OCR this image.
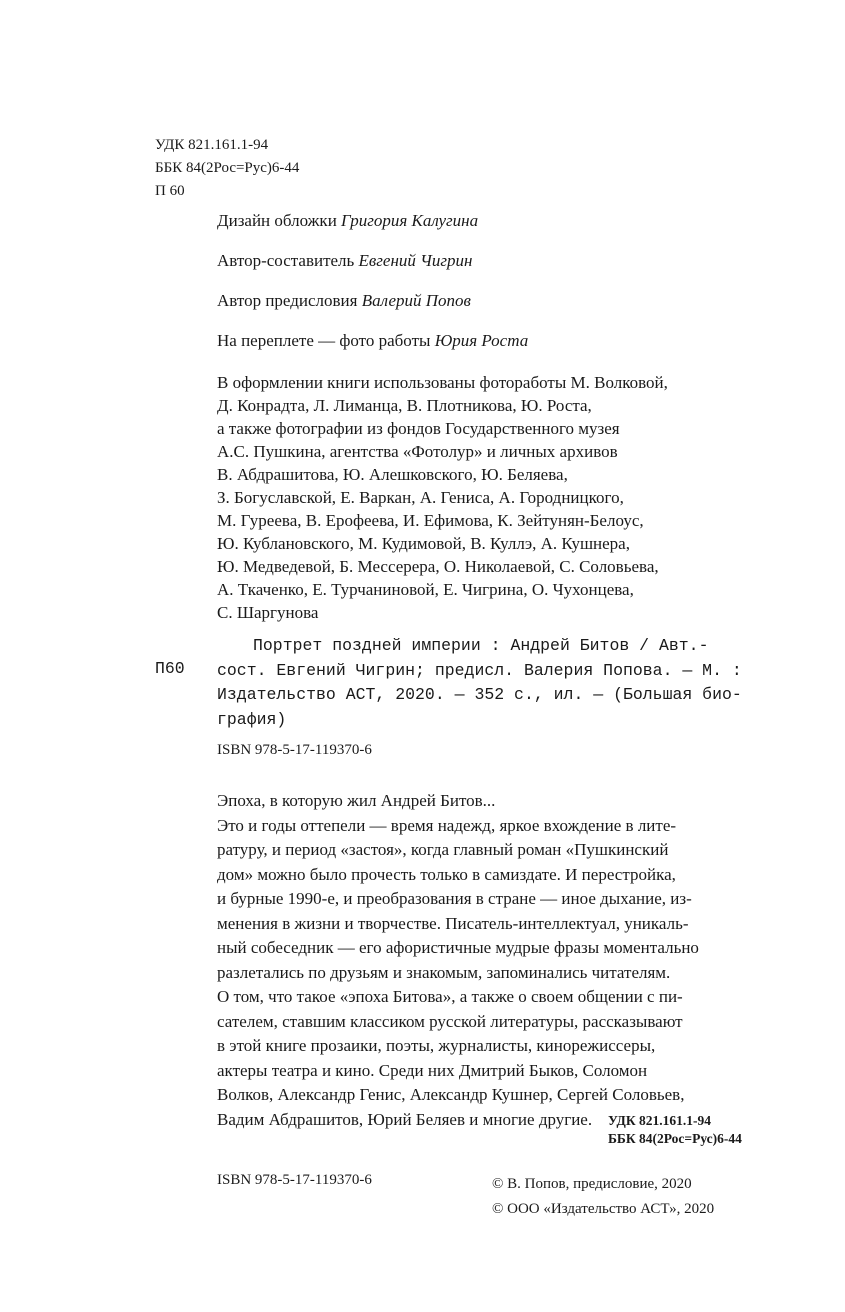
УДК 821.161.1-94
ББК 84(2Рос=Рус)6-44
П 60
Дизайн обложки Григория Калугина
Автор-составитель Евгений Чигрин
Автор предисловия Валерий Попов
На переплете — фото работы Юрия Роста
В оформлении книги использованы фотоработы М. Волковой,
Д. Конрадта, Л. Лиманца, В. Плотникова, Ю. Роста,
а также фотографии из фондов Государственного музея
А.С. Пушкина, агентства «Фотолур» и личных архивов
В. Абдрашитова, Ю. Алешковского, Ю. Беляева,
З. Богуславской, Е. Варкан, А. Гениса, А. Городницкого,
М. Гуреева, В. Ерофеева, И. Ефимова, К. Зейтунян-Белоус,
Ю. Кублановского, М. Кудимовой, В. Куллэ, А. Кушнера,
Ю. Медведевой, Б. Мессерера, О. Николаевой, С. Соловьева,
А. Ткаченко, Е. Турчаниновой, Е. Чигрина, О. Чухонцева,
С. Шаргунова
П60
Портрет поздней империи : Андрей Битов / Авт.-
сост. Евгений Чигрин; предисл. Валерия Попова. — М. :
Издательство АСТ, 2020. — 352 с., ил. — (Большая био-
графия)
ISBN 978-5-17-119370-6
Эпоха, в которую жил Андрей Битов...
Это и годы оттепели — время надежд, яркое вхождение в лите-
ратуру, и период «застоя», когда главный роман «Пушкинский
дом» можно было прочесть только в самиздате. И перестройка,
и бурные 1990-е, и преобразования в стране — иное дыхание, из-
менения в жизни и творчестве. Писатель-интеллектуал, уникаль-
ный собеседник — его афористичные мудрые фразы моментально
разлетались по друзьям и знакомым, запоминались читателям.
О том, что такое «эпоха Битова», а также о своем общении с пи-
сателем, ставшим классиком русской литературы, рассказывают
в этой книге прозаики, поэты, журналисты, кинорежиссеры,
актеры театра и кино. Среди них Дмитрий Быков, Соломон
Волков, Александр Генис, Александр Кушнер, Сергей Соловьев,
Вадим Абдрашитов, Юрий Беляев и многие другие.	УДК 821.161.1-94
ББК 84(2Рос=Рус)6-44
ISBN 978-5-17-119370-6	© В. Попов, предисловие, 2020
© ООО «Издательство АСТ», 2020
